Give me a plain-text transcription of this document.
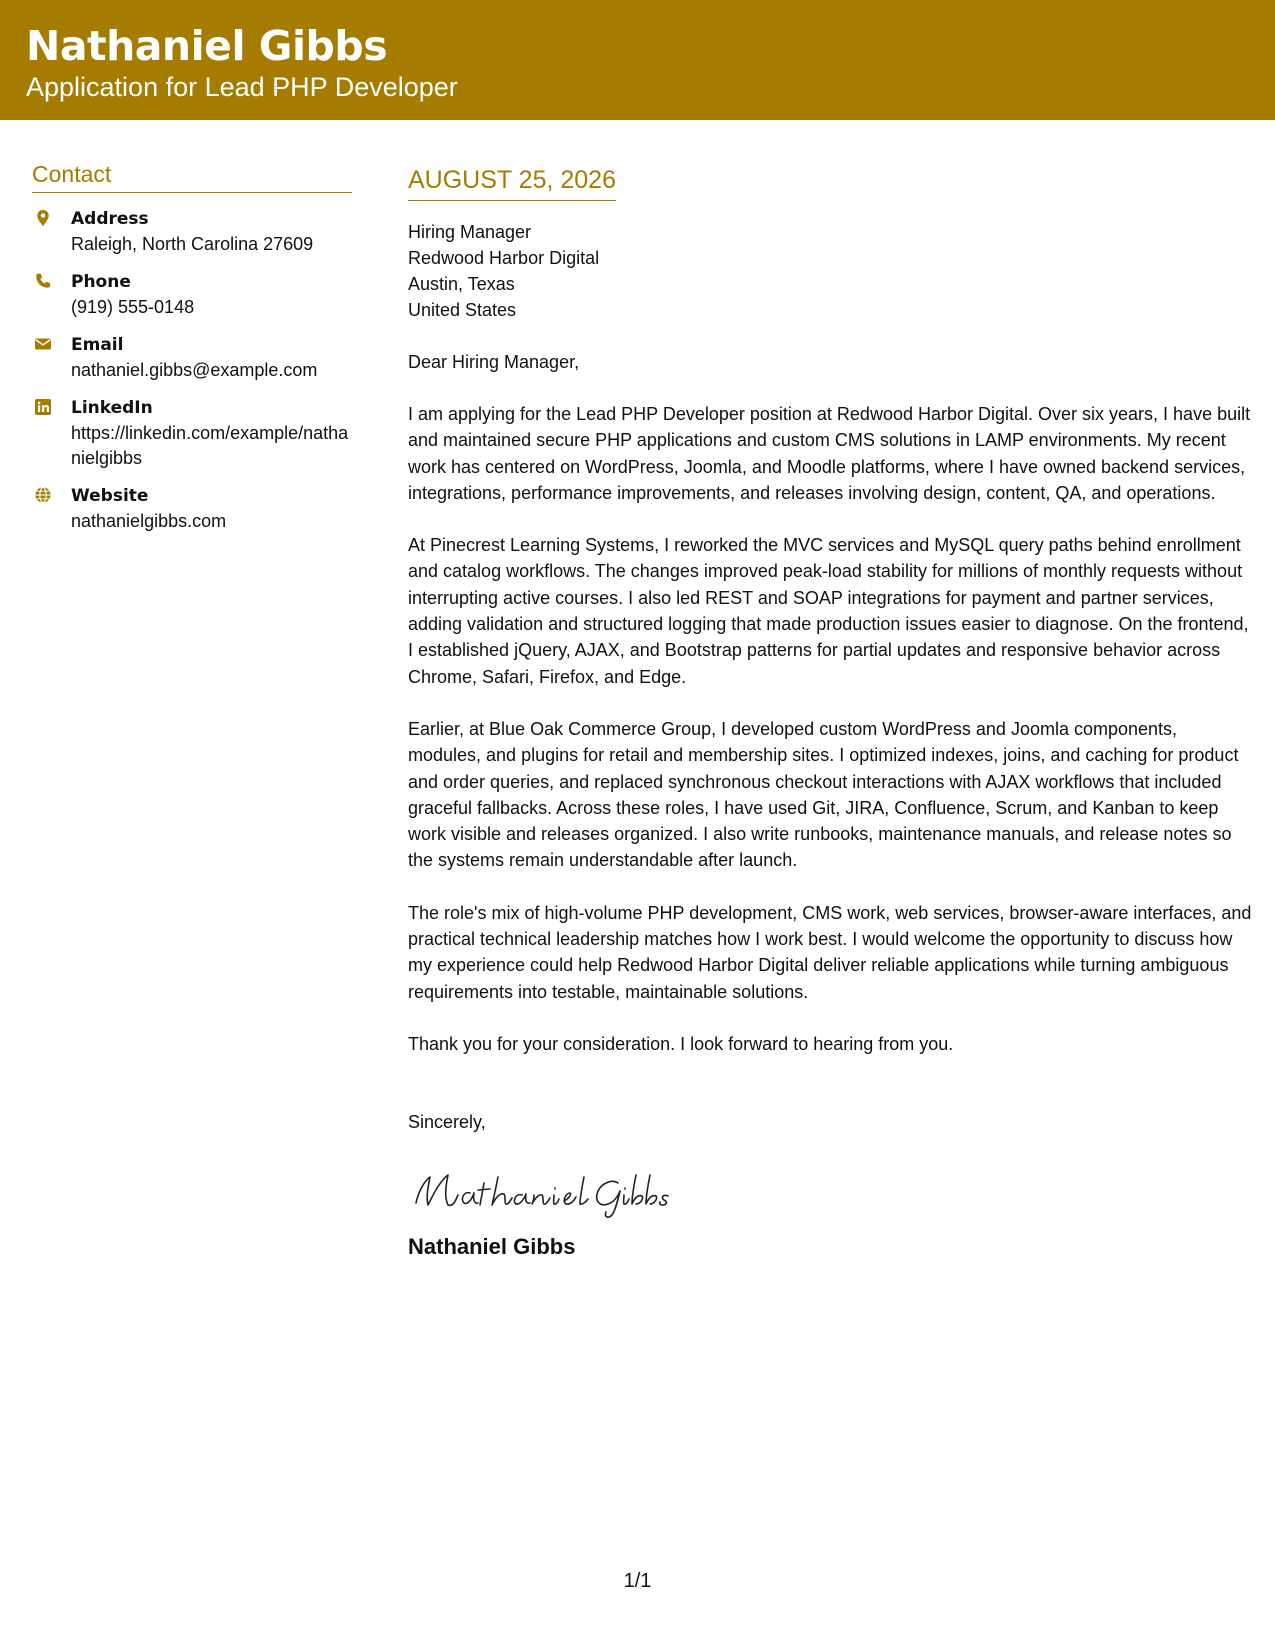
Nathaniel Gibbs
Application for Lead PHP Developer
Contact
Address
Raleigh, North Carolina 27609
Phone
(919) 555-0148
Email
nathaniel.gibbs@example.com
LinkedIn
https://linkedin.com/example/nathanielgibbs
Website
nathanielgibbs.com
AUGUST 25, 2026
Hiring Manager
Redwood Harbor Digital
Austin, Texas
United States
Dear Hiring Manager,
I am applying for the Lead PHP Developer position at Redwood Harbor Digital. Over six years, I have built and maintained secure PHP applications and custom CMS solutions in LAMP environments. My recent work has centered on WordPress, Joomla, and Moodle platforms, where I have owned backend services, integrations, performance improvements, and releases involving design, content, QA, and operations.
At Pinecrest Learning Systems, I reworked the MVC services and MySQL query paths behind enrollment and catalog workflows. The changes improved peak-load stability for millions of monthly requests without interrupting active courses. I also led REST and SOAP integrations for payment and partner services, adding validation and structured logging that made production issues easier to diagnose. On the frontend, I established jQuery, AJAX, and Bootstrap patterns for partial updates and responsive behavior across Chrome, Safari, Firefox, and Edge.
Earlier, at Blue Oak Commerce Group, I developed custom WordPress and Joomla components, modules, and plugins for retail and membership sites. I optimized indexes, joins, and caching for product and order queries, and replaced synchronous checkout interactions with AJAX workflows that included graceful fallbacks. Across these roles, I have used Git, JIRA, Confluence, Scrum, and Kanban to keep work visible and releases organized. I also write runbooks, maintenance manuals, and release notes so the systems remain understandable after launch.
The role's mix of high-volume PHP development, CMS work, web services, browser-aware interfaces, and practical technical leadership matches how I work best. I would welcome the opportunity to discuss how my experience could help Redwood Harbor Digital deliver reliable applications while turning ambiguous requirements into testable, maintainable solutions.
Thank you for your consideration. I look forward to hearing from you.
Sincerely,
Nathaniel Gibbs
1/1
